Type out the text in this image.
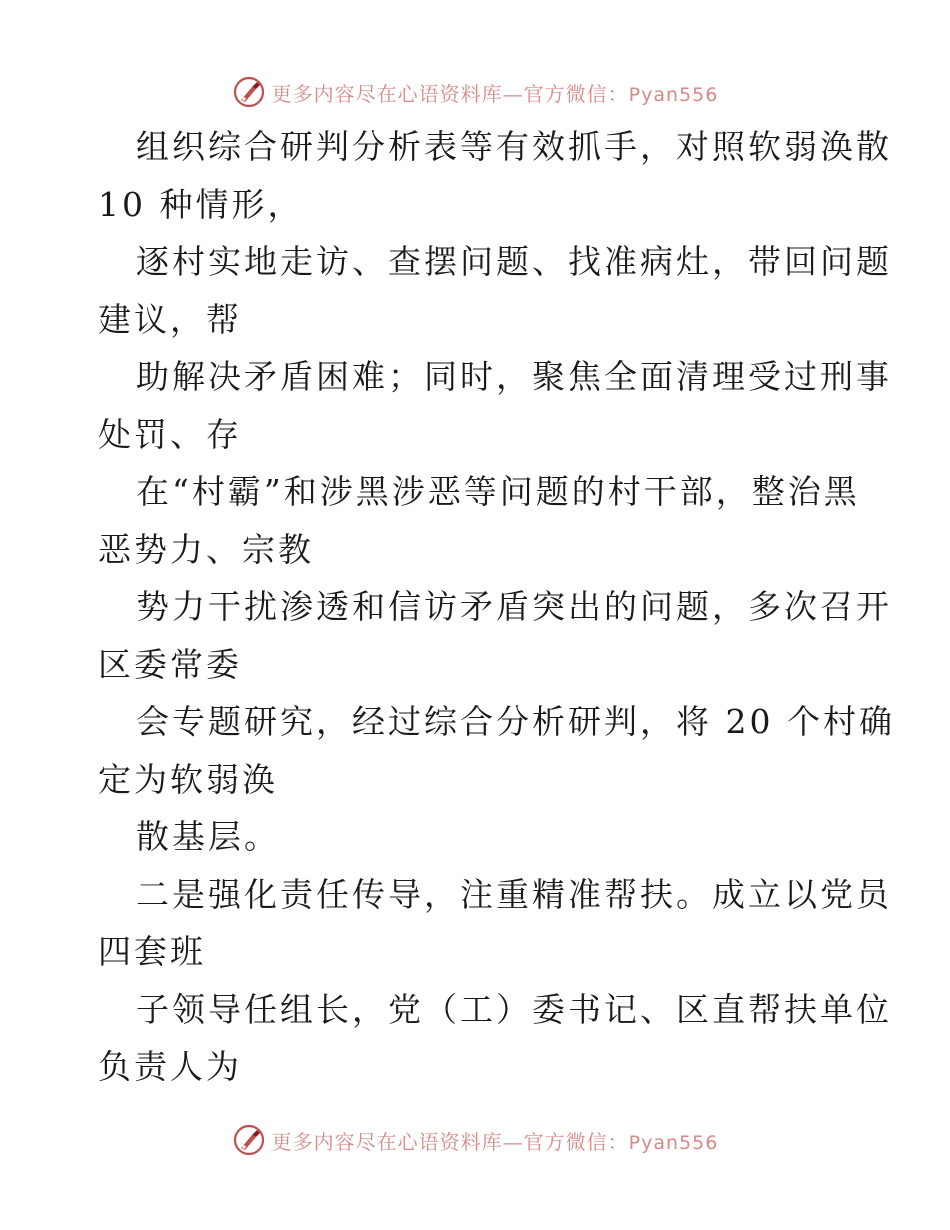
更多内容尽在心语资料库—官方微信：Pyan556
组织综合研判分析表等有效抓手，对照软弱涣散
10 种情形，
逐村实地走访、查摆问题、找准病灶，带回问题
建议，帮
助解决矛盾困难；同时，聚焦全面清理受过刑事
处罚、存
在“村霸”和涉黑涉恶等问题的村干部，整治黑
恶势力、宗教
势力干扰渗透和信访矛盾突出的问题，多次召开
区委常委
会专题研究，经过综合分析研判，将 20 个村确
定为软弱涣
散基层。
二是强化责任传导，注重精准帮扶。成立以党员
四套班
子领导任组长，党（工）委书记、区直帮扶单位
负责人为
更多内容尽在心语资料库—官方微信：Pyan556
